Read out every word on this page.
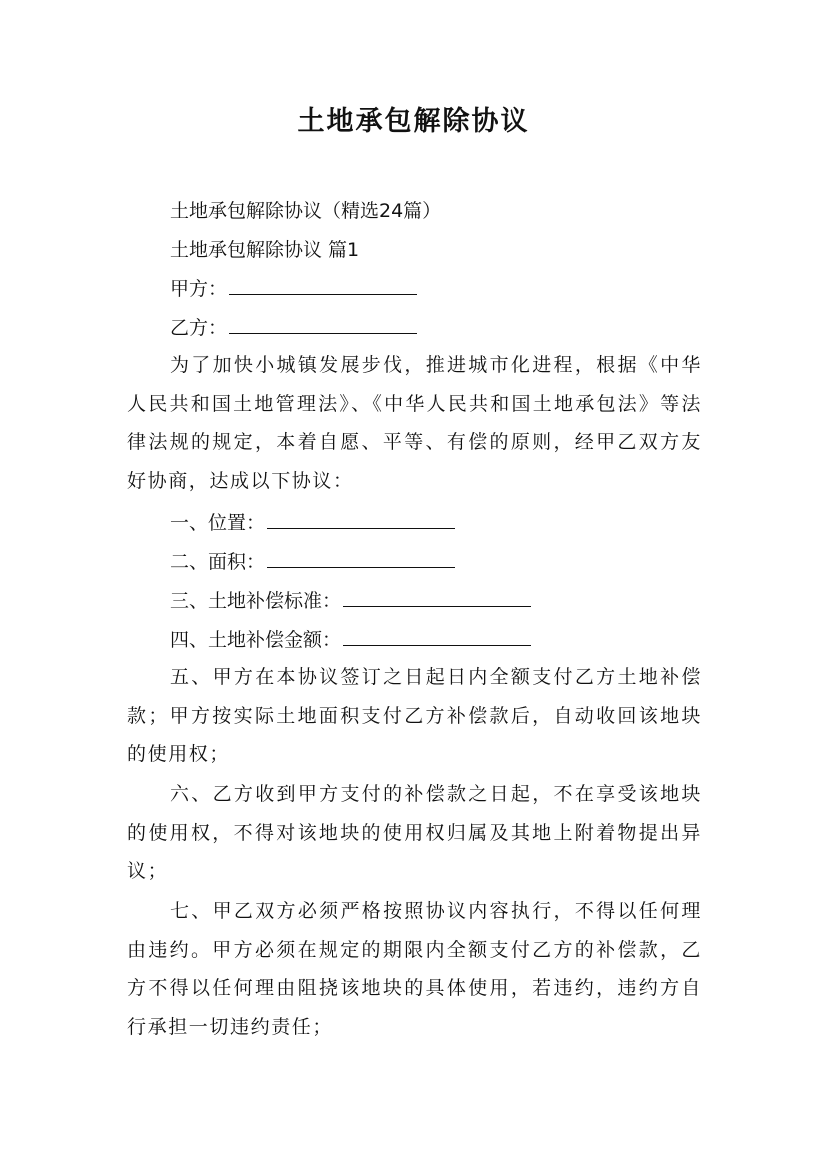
土地承包解除协议
土地承包解除协议（精选24篇）
土地承包解除协议 篇1
甲方：
乙方：
为了加快小城镇发展步伐，推进城市化进程，根据《中华人民共和国土地管理法》、《中华人民共和国土地承包法》等法律法规的规定，本着自愿、平等、有偿的原则，经甲乙双方友好协商，达成以下协议：
一、位置：
二、面积：
三、土地补偿标准：
四、土地补偿金额：
五、甲方在本协议签订之日起日内全额支付乙方土地补偿款；甲方按实际土地面积支付乙方补偿款后，自动收回该地块的使用权；
六、乙方收到甲方支付的补偿款之日起，不在享受该地块的使用权，不得对该地块的使用权归属及其地上附着物提出异议；
七、甲乙双方必须严格按照协议内容执行，不得以任何理由违约。甲方必须在规定的期限内全额支付乙方的补偿款，乙方不得以任何理由阻挠该地块的具体使用，若违约，违约方自行承担一切违约责任；
